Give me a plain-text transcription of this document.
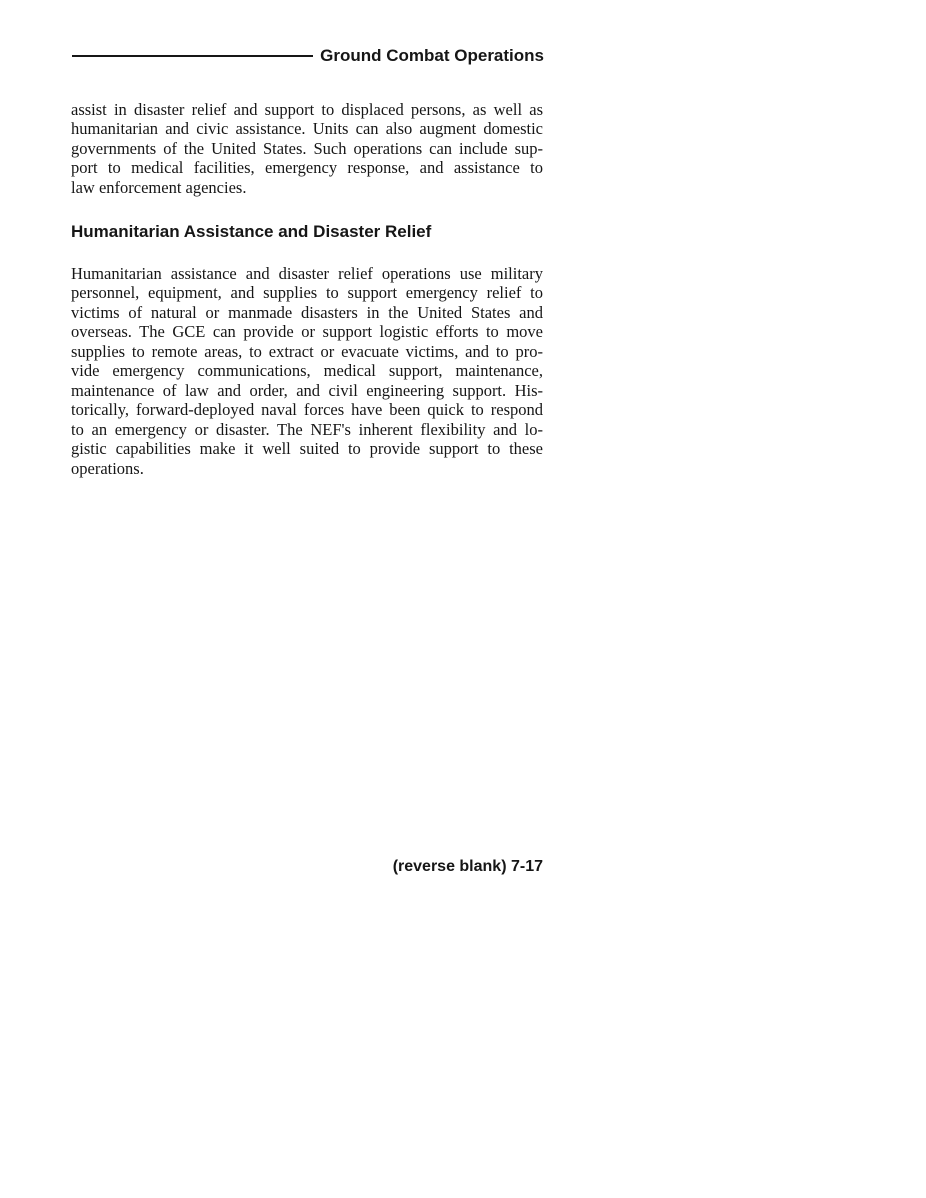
Ground Combat Operations
assist in disaster relief and support to displaced persons, as well as
humanitarian and civic assistance. Units can also augment domestic
governments of the United States. Such operations can include sup-
port to medical facilities, emergency response, and assistance to
law enforcement agencies.
Humanitarian Assistance and Disaster Relief
Humanitarian assistance and disaster relief operations use military
personnel, equipment, and supplies to support emergency relief to
victims of natural or manmade disasters in the United States and
overseas. The GCE can provide or support logistic efforts to move
supplies to remote areas, to extract or evacuate victims, and to pro-
vide emergency communications, medical support, maintenance,
maintenance of law and order, and civil engineering support. His-
torically, forward-deployed naval forces have been quick to respond
to an emergency or disaster. The NEF's inherent flexibility and lo-
gistic capabilities make it well suited to provide support to these
operations.
(reverse blank) 7-17
